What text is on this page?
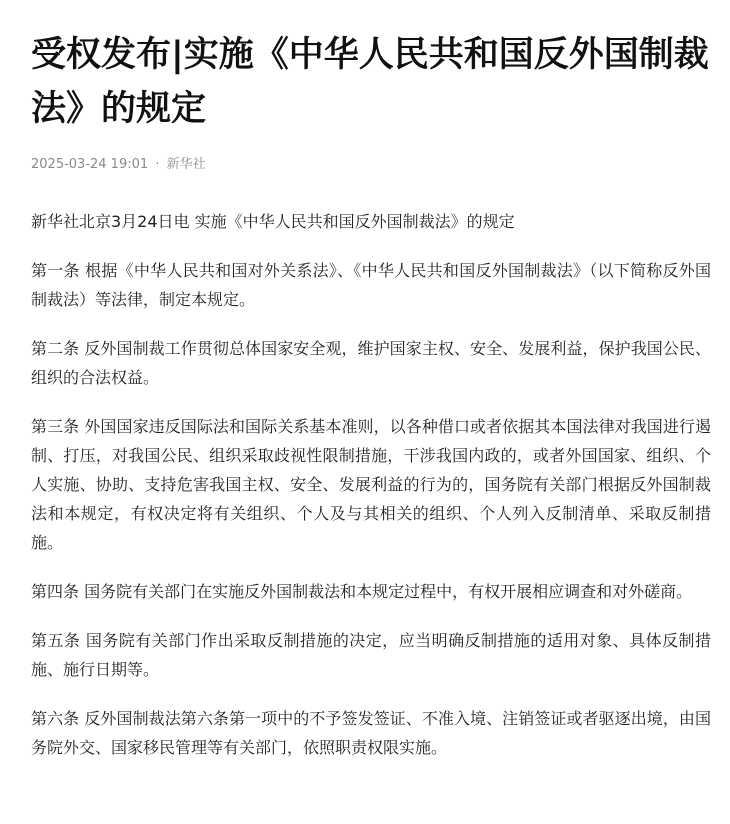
受权发布|实施《中华人民共和国反外国制裁法》的规定
2025-03-24 19:01 · 新华社

新华社北京3月24日电 实施《中华人民共和国反外国制裁法》的规定

第一条 根据《中华人民共和国对外关系法》、《中华人民共和国反外国制裁法》（以下简称反外国制裁法）等法律，制定本规定。

第二条 反外国制裁工作贯彻总体国家安全观，维护国家主权、安全、发展利益，保护我国公民、组织的合法权益。

第三条 外国国家违反国际法和国际关系基本准则，以各种借口或者依据其本国法律对我国进行遏制、打压，对我国公民、组织采取歧视性限制措施，干涉我国内政的，或者外国国家、组织、个人实施、协助、支持危害我国主权、安全、发展利益的行为的，国务院有关部门根据反外国制裁法和本规定，有权决定将有关组织、个人及与其相关的组织、个人列入反制清单、采取反制措施。

第四条 国务院有关部门在实施反外国制裁法和本规定过程中，有权开展相应调查和对外磋商。

第五条 国务院有关部门作出采取反制措施的决定，应当明确反制措施的适用对象、具体反制措施、施行日期等。

第六条 反外国制裁法第六条第一项中的不予签发签证、不准入境、注销签证或者驱逐出境，由国务院外交、国家移民管理等有关部门，依照职责权限实施。
